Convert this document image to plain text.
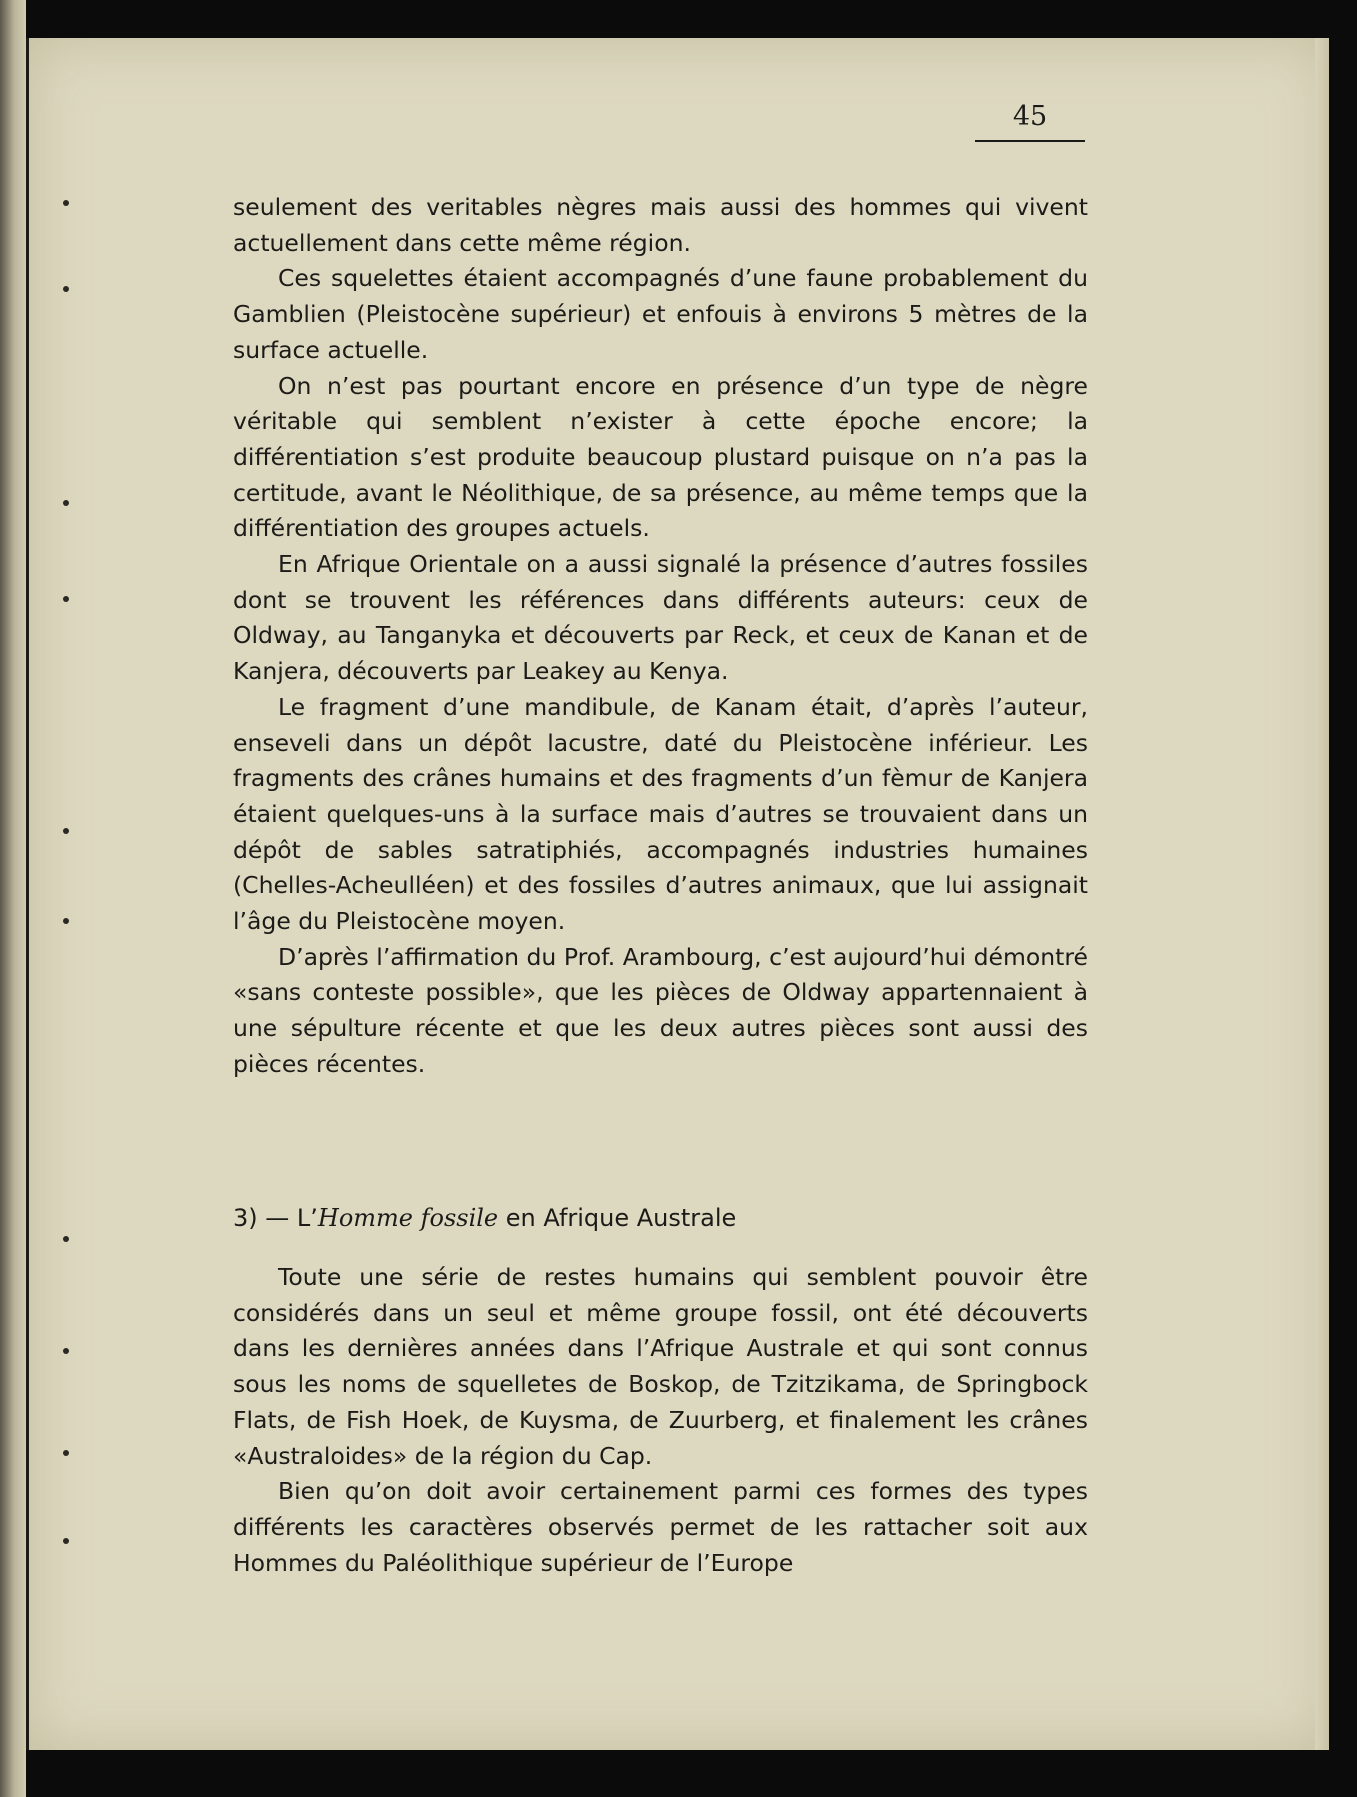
45

seulement des veritables nègres mais aussi des hommes qui vivent actuellement dans cette même région.

Ces squelettes étaient accompagnés d’une faune probablement du Gamblien (Pleistocène supérieur) et enfouis à environs 5 mètres de la surface actuelle.

On n’est pas pourtant encore en présence d’un type de nègre véritable qui semblent n’exister à cette époche encore; la différentiation s’est produite beaucoup plustard puisque on n’a pas la certitude, avant le Néolithique, de sa présence, au même temps que la différentiation des groupes actuels.

En Afrique Orientale on a aussi signalé la présence d’autres fossiles dont se trouvent les références dans différents auteurs: ceux de Oldway, au Tanganyka et découverts par Reck, et ceux de Kanan et de Kanjera, découverts par Leakey au Kenya.

Le fragment d’une mandibule, de Kanam était, d’après l’auteur, enseveli dans un dépôt lacustre, daté du Pleistocène inférieur. Les fragments des crânes humains et des fragments d’un fèmur de Kanjera étaient quelques-uns à la surface mais d’autres se trouvaient dans un dépôt de sables satratiphiés, accompagnés industries humaines (Chelles-Acheulléen) et des fossiles d’autres animaux, que lui assignait l’âge du Pleistocène moyen.

D’après l’affirmation du Prof. Arambourg, c’est aujourd’hui démontré «sans conteste possible», que les pièces de Oldway appartennaient à une sépulture récente et que les deux autres pièces sont aussi des pièces récentes.

3) — L’Homme fossile en Afrique Australe

Toute une série de restes humains qui semblent pouvoir être considérés dans un seul et même groupe fossil, ont été découverts dans les dernières années dans l’Afrique Australe et qui sont connus sous les noms de squelletes de Boskop, de Tzitzikama, de Springbock Flats, de Fish Hoek, de Kuysma, de Zuurberg, et finalement les crânes «Australoides» de la région du Cap.

Bien qu’on doit avoir certainement parmi ces formes des types différents les caractères observés permet de les rattacher soit aux Hommes du Paléolithique supérieur de l’Europe
